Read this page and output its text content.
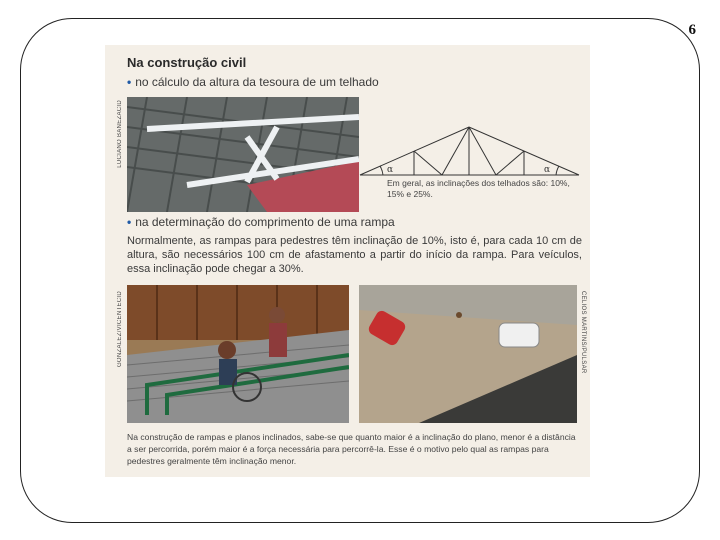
6
Na construção civil
• no cálculo da altura da tesoura de um telhado
LUCIANO BANEZACID
α	α
Em geral, as inclinações dos telhados são: 10%, 15% e 25%.
• na determinação do comprimento de uma rampa
Normalmente, as rampas para pedestres têm inclinação de 10%, isto é, para cada 10 cm de altura, são necessários 100 cm de afastamento a partir do início da rampa. Para veículos, essa inclinação pode chegar a 30%.
GONZALEZ/VICENTECID	CELIOS MARTINS/PULSAR
Na construção de rampas e planos inclinados, sabe-se que quanto maior é a inclinação do plano, menor é a distância a ser percorrida, porém maior é a força necessária para percorrê-la. Esse é o motivo pelo qual as rampas para pedestres geralmente têm inclinação menor.
